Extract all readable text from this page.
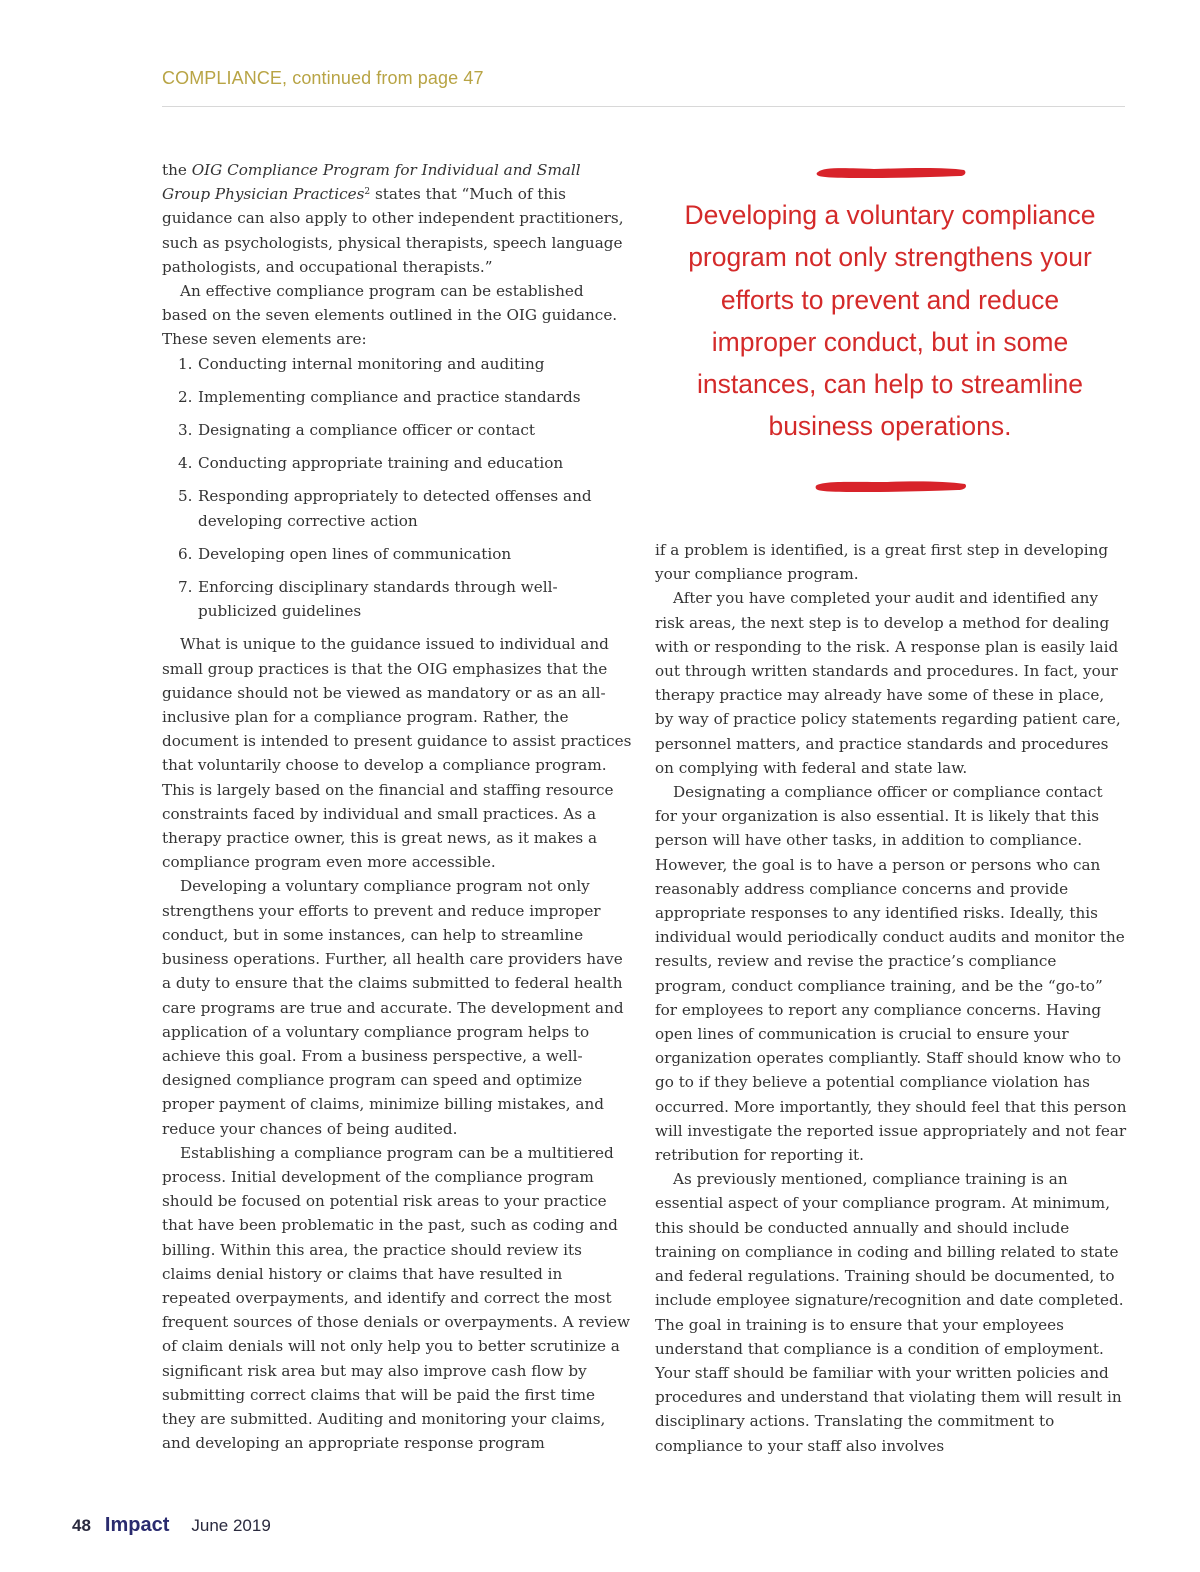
COMPLIANCE, continued from page 47

the OIG Compliance Program for Individual and Small Group Physician Practices$^2$ states that “Much of this guidance can also apply to other independent practitioners, such as psychologists, physical therapists, speech language pathologists, and occupational therapists.”

An effective compliance program can be established based on the seven elements outlined in the OIG guidance. These seven elements are:

1. Conducting internal monitoring and auditing
2. Implementing compliance and practice standards
3. Designating a compliance officer or contact
4. Conducting appropriate training and education
5. Responding appropriately to detected offenses and developing corrective action
6. Developing open lines of communication
7. Enforcing disciplinary standards through well-publicized guidelines

What is unique to the guidance issued to individual and small group practices is that the OIG emphasizes that the guidance should not be viewed as mandatory or as an all-inclusive plan for a compliance program. Rather, the document is intended to present guidance to assist practices that voluntarily choose to develop a compliance program. This is largely based on the financial and staffing resource constraints faced by individual and small practices. As a therapy practice owner, this is great news, as it makes a compliance program even more accessible.

Developing a voluntary compliance program not only strengthens your efforts to prevent and reduce improper conduct, but in some instances, can help to streamline business operations. Further, all health care providers have a duty to ensure that the claims submitted to federal health care programs are true and accurate. The development and application of a voluntary compliance program helps to achieve this goal. From a business perspective, a well-designed compliance program can speed and optimize proper payment of claims, minimize billing mistakes, and reduce your chances of being audited.

Establishing a compliance program can be a multitiered process. Initial development of the compliance program should be focused on potential risk areas to your practice that have been problematic in the past, such as coding and billing. Within this area, the practice should review its claims denial history or claims that have resulted in repeated overpayments, and identify and correct the most frequent sources of those denials or overpayments. A review of claim denials will not only help you to better scrutinize a significant risk area but may also improve cash flow by submitting correct claims that will be paid the first time they are submitted. Auditing and monitoring your claims, and developing an appropriate response program

Developing a voluntary compliance program not only strengthens your efforts to prevent and reduce improper conduct, but in some instances, can help to streamline business operations.

if a problem is identified, is a great first step in developing your compliance program.

After you have completed your audit and identified any risk areas, the next step is to develop a method for dealing with or responding to the risk. A response plan is easily laid out through written standards and procedures. In fact, your therapy practice may already have some of these in place, by way of practice policy statements regarding patient care, personnel matters, and practice standards and procedures on complying with federal and state law.

Designating a compliance officer or compliance contact for your organization is also essential. It is likely that this person will have other tasks, in addition to compliance. However, the goal is to have a person or persons who can reasonably address compliance concerns and provide appropriate responses to any identified risks. Ideally, this individual would periodically conduct audits and monitor the results, review and revise the practice’s compliance program, conduct compliance training, and be the “go-to” for employees to report any compliance concerns. Having open lines of communication is crucial to ensure your organization operates compliantly. Staff should know who to go to if they believe a potential compliance violation has occurred. More importantly, they should feel that this person will investigate the reported issue appropriately and not fear retribution for reporting it.

As previously mentioned, compliance training is an essential aspect of your compliance program. At minimum, this should be conducted annually and should include training on compliance in coding and billing related to state and federal regulations. Training should be documented, to include employee signature/recognition and date completed. The goal in training is to ensure that your employees understand that compliance is a condition of employment. Your staff should be familiar with your written policies and procedures and understand that violating them will result in disciplinary actions. Translating the commitment to compliance to your staff also involves

48 Impact June 2019
